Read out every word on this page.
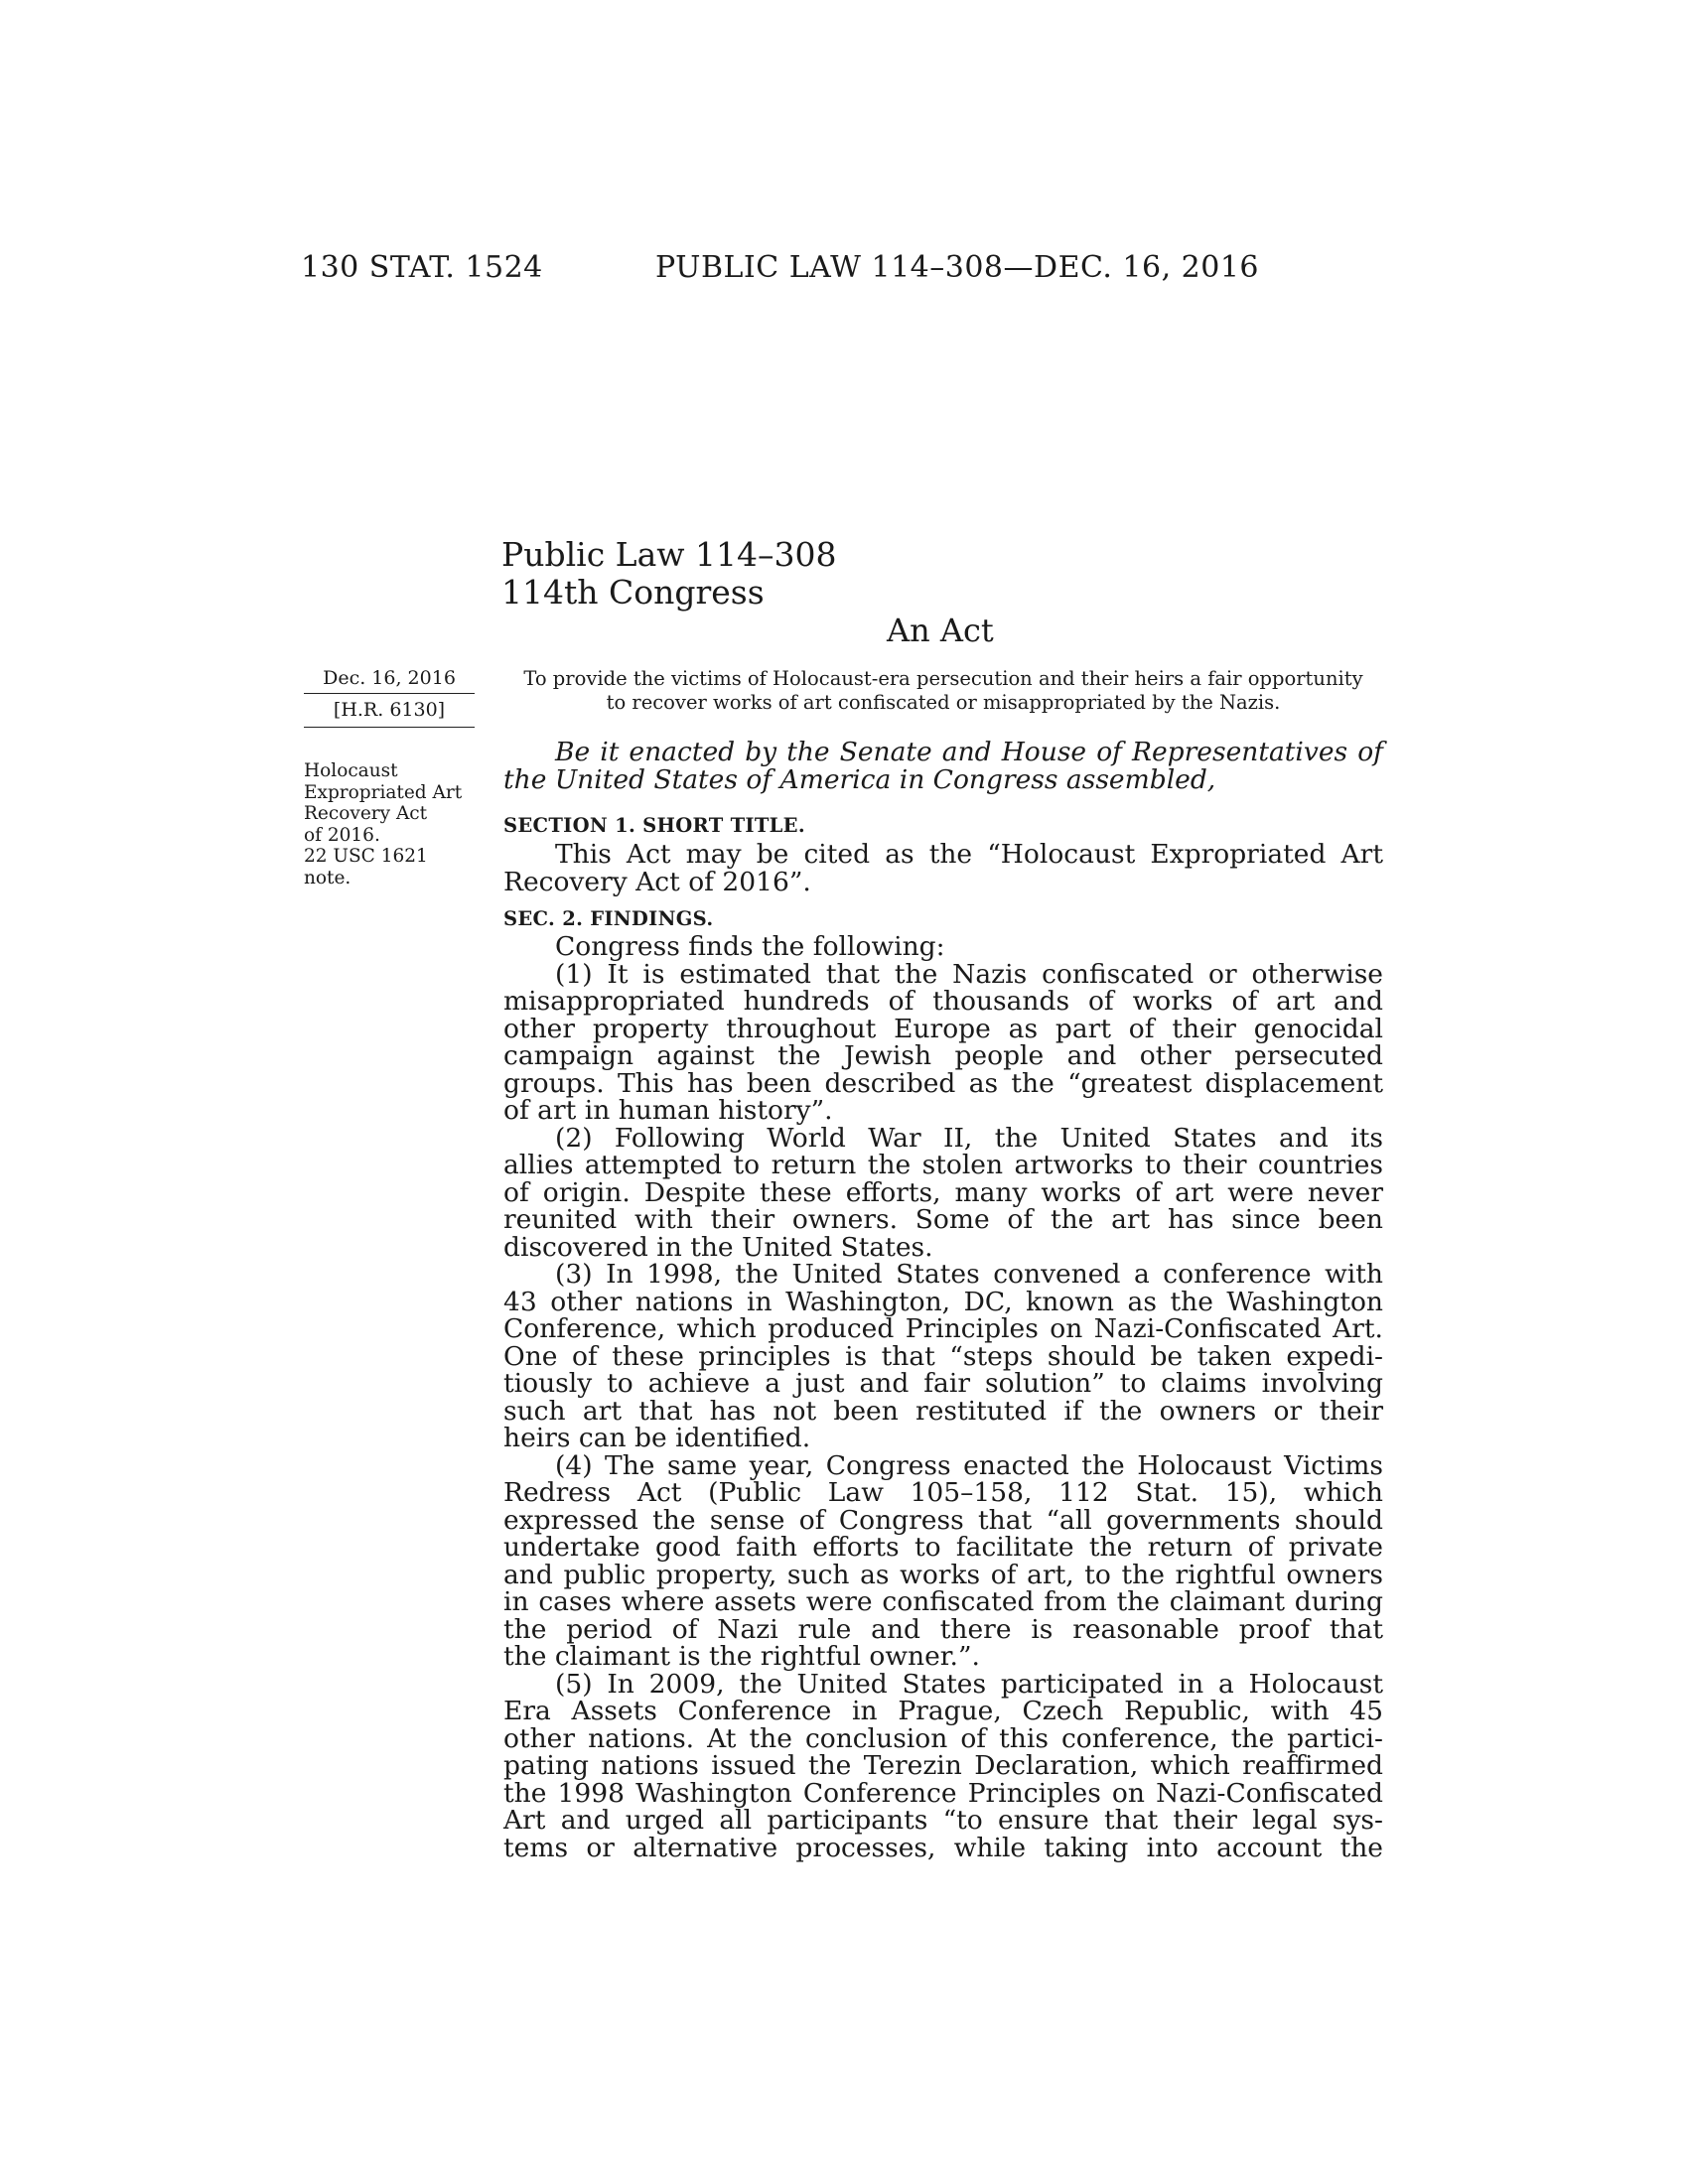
130 STAT. 1524	PUBLIC LAW 114–308—DEC. 16, 2016
Public Law 114–308
114th Congress
An Act
Dec. 16, 2016
[H.R. 6130]
Holocaust
Expropriated Art
Recovery Act
of 2016.
22 USC 1621
note.
To provide the victims of Holocaust-era persecution and their heirs a fair opportunity
to recover works of art confiscated or misappropriated by the Nazis.
Be it enacted by the Senate and House of Representatives of
the United States of America in Congress assembled,
SECTION 1. SHORT TITLE.
This Act may be cited as the “Holocaust Expropriated Art
Recovery Act of 2016”.
SEC. 2. FINDINGS.
Congress finds the following:
(1) It is estimated that the Nazis confiscated or otherwise
misappropriated hundreds of thousands of works of art and
other property throughout Europe as part of their genocidal
campaign against the Jewish people and other persecuted
groups. This has been described as the “greatest displacement
of art in human history”.
(2) Following World War II, the United States and its
allies attempted to return the stolen artworks to their countries
of origin. Despite these efforts, many works of art were never
reunited with their owners. Some of the art has since been
discovered in the United States.
(3) In 1998, the United States convened a conference with
43 other nations in Washington, DC, known as the Washington
Conference, which produced Principles on Nazi-Confiscated Art.
One of these principles is that “steps should be taken expedi-
tiously to achieve a just and fair solution” to claims involving
such art that has not been restituted if the owners or their
heirs can be identified.
(4) The same year, Congress enacted the Holocaust Victims
Redress Act (Public Law 105–158, 112 Stat. 15), which
expressed the sense of Congress that “all governments should
undertake good faith efforts to facilitate the return of private
and public property, such as works of art, to the rightful owners
in cases where assets were confiscated from the claimant during
the period of Nazi rule and there is reasonable proof that
the claimant is the rightful owner.”.
(5) In 2009, the United States participated in a Holocaust
Era Assets Conference in Prague, Czech Republic, with 45
other nations. At the conclusion of this conference, the partici-
pating nations issued the Terezin Declaration, which reaffirmed
the 1998 Washington Conference Principles on Nazi-Confiscated
Art and urged all participants “to ensure that their legal sys-
tems or alternative processes, while taking into account the
